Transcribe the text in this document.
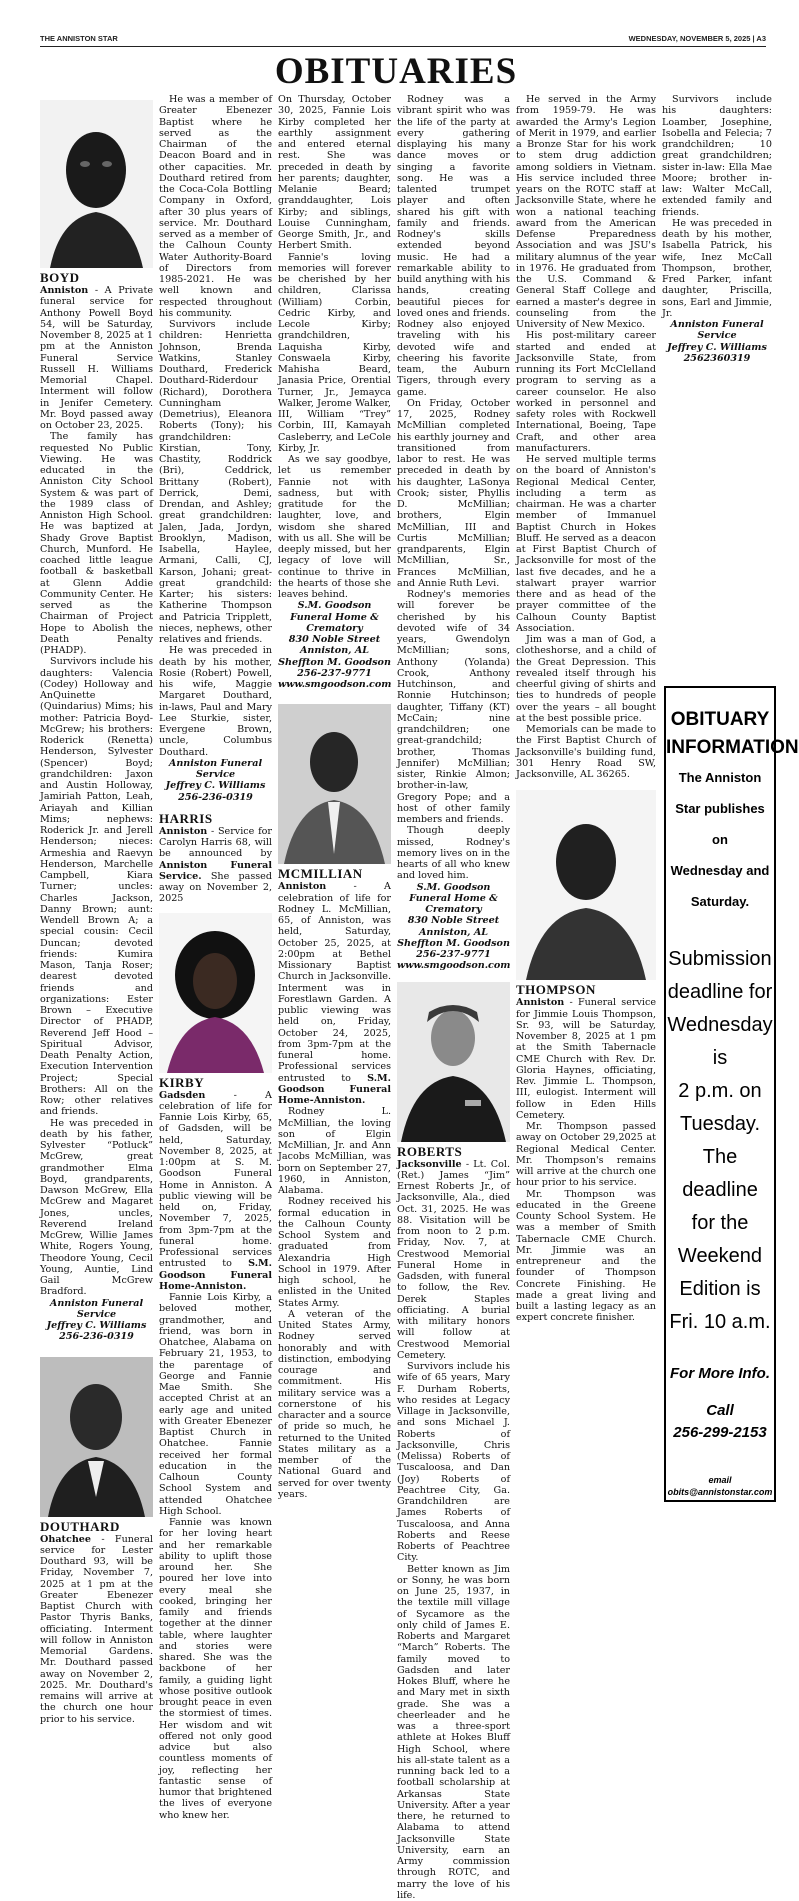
THE ANNISTON STAR	WEDNESDAY, NOVEMBER 5, 2025 | A3
OBITUARIES
BOYD

Anniston - A Private funeral service for Anthony Powell Boyd 54, will be Saturday, November 8, 2025 at 1 pm at the Anniston Funeral Service Russell H. Williams Memorial Chapel. Interment will follow in Jenifer Cemetery. Mr. Boyd passed away on October 23, 2025.

The family has requested No Public Viewing. He was educated in the Anniston City School System & was part of the 1989 class of Anniston High School. He was baptized at Shady Grove Baptist Church, Munford. He coached little league football & basketball at Glenn Addie Community Center. He served as the Chairman of Project Hope to Abolish the Death Penalty (PHADP).

Survivors include his daughters: Valencia (Codey) Holloway and AnQuinette (Quindarius) Mims; his mother: Patricia Boyd-McGrew; his brothers: Roderick (Renetta) Henderson, Sylvester (Spencer) Boyd; grandchildren: Jaxon and Austin Holloway, Jamiriah Patton, Leah, Ariayah and Killian Mims; nephews: Roderick Jr. and Jerell Henderson; nieces: Armeshia and Raevyn Henderson, Marchelle Campbell, Kiara Turner; uncles: Charles Jackson, Danny Brown; aunt: Wendell Brown A; a special cousin: Cecil Duncan; devoted friends: Kumira Mason, Tanja Roser; dearest devoted friends and organizations: Ester Brown – Executive Director of PHADP, Reverend Jeff Hood – Spiritual Advisor, Death Penalty Action, Execution Intervention Project; Special Brothers: All on the Row; other relatives and friends.

He was preceded in death by his father, Sylvester “Potluck” McGrew, great grandmother Elma Boyd, grandparents, Dawson McGrew, Ella McGrew and Magaret Jones, uncles, Reverend Ireland McGrew, Willie James White, Rogers Young, Theodore Young, Cecil Young, Auntie, Lind Gail McGrew Bradford.

Anniston Funeral Service

Jeffrey C. Williams

256-236-0319

DOUTHARD

Ohatchee - Funeral service for Lester Douthard 93, will be Friday, November 7, 2025 at 1 pm at the Greater Ebenezer Baptist Church with Pastor Thyris Banks, officiating. Interment will follow in Anniston Memorial Gardens. Mr. Douthard passed away on November 2, 2025. Mr. Douthard's remains will arrive at the church one hour prior to his service.

He was a member of Greater Ebenezer Baptist where he served as the Chairman of the Deacon Board and in other capacities. Mr. Douthard retired from the Coca-Cola Bottling Company in Oxford, after 30 plus years of service. Mr. Douthard served as a member of the Calhoun County Water Authority-Board of Directors from 1985-2021. He was well known and respected throughout his community.

Survivors include children: Henrietta Johnson, Brenda Watkins, Stanley Douthard, Frederick Douthard-Riderdour (Richard), Dorothera Cunningham (Demetrius), Eleanora Roberts (Tony); his grandchildren: Kirstian, Tony, Chastity, Roddrick (Bri), Ceddrick, Brittany (Robert), Derrick, Demi, Drendan, and Ashley; great grandchildren: Jalen, Jada, Jordyn, Brooklyn, Madison, Isabella, Haylee, Armani, Calli, CJ, Karson, Johani; great-great grandchild: Karter; his sisters: Katherine Thompson and Patricia Tripplett, nieces, nephews, other relatives and friends.

He was preceded in death by his mother, Rosie (Robert) Powell, his wife, Maggie Margaret Douthard, in-laws, Paul and Mary Lee Sturkie, sister, Evergene Brown, uncle, Columbus Douthard.

Anniston Funeral Service

Jeffrey C. Williams

256-236-0319

HARRIS

Anniston - Service for Carolyn Harris 68, will be announced by Anniston Funeral Service. She passed away on November 2, 2025

KIRBY

Gadsden - A celebration of life for Fannie Lois Kirby, 65, of Gadsden, will be held, Saturday, November 8, 2025, at 1:00pm at S. M. Goodson Funeral Home in Anniston. A public viewing will be held on, Friday, November 7, 2025, from 3pm-7pm at the funeral home. Professional services entrusted to S.M. Goodson Funeral Home-Anniston.

Fannie Lois Kirby, a beloved mother, grandmother, and friend, was born in Ohatchee, Alabama on February 21, 1953, to the parentage of George and Fannie Mae Smith. She accepted Christ at an early age and united with Greater Ebenezer Baptist Church in Ohatchee. Fannie received her formal education in the Calhoun County School System and attended Ohatchee High School.

Fannie was known for her loving heart and her remarkable ability to uplift those around her. She poured her love into every meal she cooked, bringing her family and friends together at the dinner table, where laughter and stories were shared. She was the backbone of her family, a guiding light whose positive outlook brought peace in even the stormiest of times. Her wisdom and wit offered not only good advice but also countless moments of joy, reflecting her fantastic sense of humor that brightened the lives of everyone who knew her.

On Thursday, October 30, 2025, Fannie Lois Kirby completed her earthly assignment and entered eternal rest. She was preceded in death by her parents; daughter, Melanie Beard; granddaughter, Lois Kirby; and siblings, Louise Cunningham, George Smith, Jr., and Herbert Smith.

Fannie's loving memories will forever be cherished by her children, Clarissa (William) Corbin, Cedric Kirby, and Lecole Kirby; grandchildren, Laquisha Kirby, Conswaela Kirby, Mahisha Beard, Janasia Price, Orential Turner, Jr., Jemayca Walker, Jerome Walker, III, William “Trey” Corbin, III, Kamayah Casleberry, and LeCole Kirby, Jr.

As we say goodbye, let us remember Fannie not with sadness, but with gratitude for the laughter, love, and wisdom she shared with us all. She will be deeply missed, but her legacy of love will continue to thrive in the hearts of those she leaves behind.

S.M. Goodson Funeral Home & Crematory

830 Noble Street

Anniston, AL

Sheffton M. Goodson

256-237-9771

www.smgoodson.com

MCMILLIAN

Anniston - A celebration of life for Rodney L. McMillian, 65, of Anniston, was held, Saturday, October 25, 2025, at 2:00pm at Bethel Missionary Baptist Church in Jacksonville. Interment was in Forestlawn Garden. A public viewing was held on, Friday, October 24, 2025, from 3pm-7pm at the funeral home. Professional services entrusted to S.M. Goodson Funeral Home-Anniston.

Rodney L. McMillian, the loving son of Elgin McMillian, Jr. and Ann Jacobs McMillian, was born on September 27, 1960, in Anniston, Alabama.

Rodney received his formal education in the Calhoun County School System and graduated from Alexandria High School in 1979. After high school, he enlisted in the United States Army.

A veteran of the United States Army, Rodney served honorably and with distinction, embodying courage and commitment. His military service was a cornerstone of his character and a source of pride so much, he returned to the United States military as a member of the National Guard and served for over twenty years.

Rodney was a vibrant spirit who was the life of the party at every gathering displaying his many dance moves or singing a favorite song. He was a talented trumpet player and often shared his gift with family and friends. Rodney's skills extended beyond music. He had a remarkable ability to build anything with his hands, creating beautiful pieces for loved ones and friends. Rodney also enjoyed traveling with his devoted wife and cheering his favorite team, the Auburn Tigers, through every game.

On Friday, October 17, 2025, Rodney McMillian completed his earthly journey and transitioned from labor to rest. He was preceded in death by his daughter, LaSonya Crook; sister, Phyllis D. McMillian; brothers, Elgin McMillian, III and Curtis McMillian; grandparents, Elgin McMillian, Sr., Frances McMillian, and Annie Ruth Levi.

Rodney's memories will forever be cherished by his devoted wife of 34 years, Gwendolyn McMillian; sons, Anthony (Yolanda) Crook, Anthony Hutchinson, and Ronnie Hutchinson; daughter, Tiffany (KT) McCain; nine grandchildren; one great-grandchild; brother, Thomas Jennifer) McMillian; sister, Rinkie Almon; brother-in-law, Gregory Pope; and a host of other family members and friends.

Though deeply missed, Rodney's memory lives on in the hearts of all who knew and loved him.

S.M. Goodson Funeral Home & Crematory

830 Noble Street

Anniston, AL

Sheffton M. Goodson

256-237-9771

www.smgoodson.com

ROBERTS

Jacksonville - Lt. Col. (Ret.) James “Jim” Ernest Roberts Jr., of Jacksonville, Ala., died Oct. 31, 2025. He was 88. Visitation will be from noon to 2 p.m. Friday, Nov. 7, at Crestwood Memorial Funeral Home in Gadsden, with funeral to follow, the Rev. Derek Staples officiating. A burial with military honors will follow at Crestwood Memorial Cemetery.

Survivors include his wife of 65 years, Mary F. Durham Roberts, who resides at Legacy Village in Jacksonville, and sons Michael J. Roberts of Jacksonville, Chris (Melissa) Roberts of Tuscaloosa, and Dan (Joy) Roberts of Peachtree City, Ga. Grandchildren are James Roberts of Tuscaloosa, and Anna Roberts and Reese Roberts of Peachtree City.

Better known as Jim or Sonny, he was born on June 25, 1937, in the textile mill village of Sycamore as the only child of James E. Roberts and Margaret “March” Roberts. The family moved to Gadsden and later Hokes Bluff, where he and Mary met in sixth grade. She was a cheerleader and he was a three-sport athlete at Hokes Bluff High School, where his all-state talent as a running back led to a football scholarship at Arkansas State University. After a year there, he returned to Alabama to attend Jacksonville State University, earn an Army commission through ROTC, and marry the love of his life.

He served in the Army from 1959-79. He was awarded the Army's Legion of Merit in 1979, and earlier a Bronze Star for his work to stem drug addiction among soldiers in Vietnam. His service included three years on the ROTC staff at Jacksonville State, where he won a national teaching award from the American Defense Preparedness Association and was JSU's military alumnus of the year in 1976. He graduated from the U.S. Command & General Staff College and earned a master's degree in counseling from the University of New Mexico.

His post-military career started and ended at Jacksonville State, from running its Fort McClelland program to serving as a career counselor. He also worked in personnel and safety roles with Rockwell International, Boeing, Tape Craft, and other area manufacturers.

He served multiple terms on the board of Anniston's Regional Medical Center, including a term as chairman. He was a charter member of Immanuel Baptist Church in Hokes Bluff. He served as a deacon at First Baptist Church of Jacksonville for most of the last five decades, and he a stalwart prayer warrior there and as head of the prayer committee of the Calhoun County Baptist Association.

Jim was a man of God, a clotheshorse, and a child of the Great Depression. This revealed itself through his cheerful giving of shirts and ties to hundreds of people over the years – all bought at the best possible price.

Memorials can be made to the First Baptist Church of Jacksonville's building fund, 301 Henry Road SW, Jacksonville, AL 36265.

THOMPSON

Anniston - Funeral service for Jimmie Louis Thompson, Sr. 93, will be Saturday, November 8, 2025 at 1 pm at the Smith Tabernacle CME Church with Rev. Dr. Gloria Haynes, officiating, Rev. Jimmie L. Thompson, III, eulogist. Interment will follow in Eden Hills Cemetery.

Mr. Thompson passed away on October 29,2025 at Regional Medical Center. Mr. Thompson's remains will arrive at the church one hour prior to his service.

Mr. Thompson was educated in the Greene County School System. He was a member of Smith Tabernacle CME Church. Mr. Jimmie was an entrepreneur and the founder of Thompson Concrete Finishing. He made a great living and built a lasting legacy as an expert concrete finisher.

Survivors include his daughters: Loamber, Josephine, Isobella and Felecia; 7 grandchildren; 10 great grandchildren; sister in-law: Ella Mae Moore; brother in-law: Walter McCall, extended family and friends.

He was preceded in death by his mother, Isabella Patrick, his wife, Inez McCall Thompson, brother, Fred Parker, infant daughter, Priscilla, sons, Earl and Jimmie, Jr.

Anniston Funeral Service

Jeffrey C. Williams

2562360319

OBITUARY
INFORMATION
The Anniston
Star publishes on
Wednesday and
Saturday.
Submission
deadline for
Wednesday is
2 p.m. on
Tuesday. The
deadline
for the
Weekend
Edition is
Fri. 10 a.m.
For More Info.
Call
256-299-2153
email
obits@annistonstar.com
